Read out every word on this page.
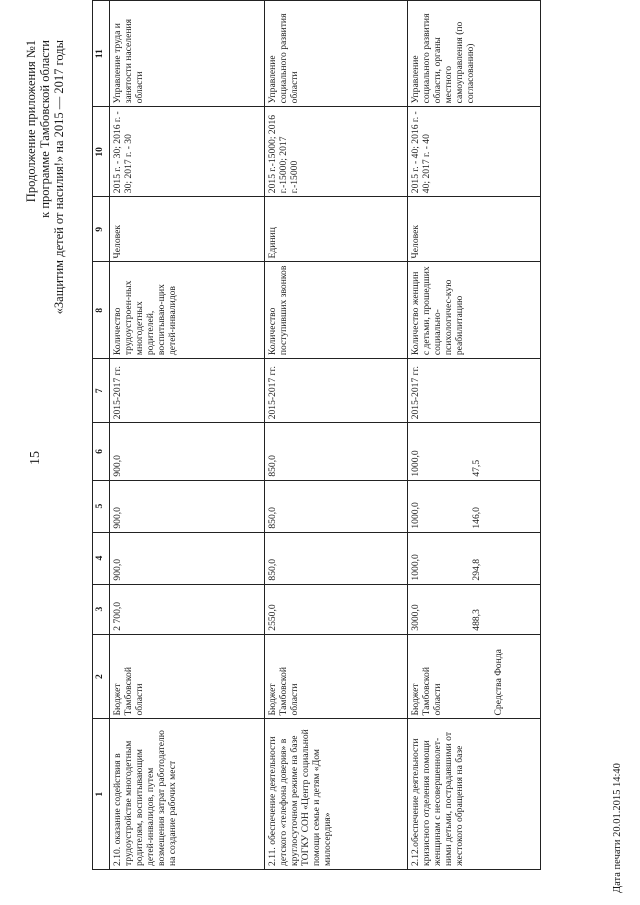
15
Продолжение приложения №1 к программе Тамбовской области «Защитим детей от насилия!» на 2015 — 2017 годы
1	2	3	4	5	6	7	8	9	10	11
2.10. оказание содействия в трудоустройстве многодетным родителям, воспитывающим детей-инвалидов, путем возмещения затрат работодателю на создание рабочих мест	Бюджет Тамбовской области	2 700,0	900,0	900,0	900,0	2015-2017 гг.	Количество трудоустроен-ных многодетных родителей, воспитываю-щих детей-инвалидов	Человек	2015 г. - 30; 2016 г. - 30; 2017 г. - 30	Управление труда и занятости населения области
2.11. обеспечение деятельности детского «телефона доверия» в круглосуточном режиме на базе ТОГКУ СОН «Центр социальной помощи семье и детям «Дом милосердия»	Бюджет Тамбовской области	2550,0	850,0	850,0	850,0	2015-2017 гг.	Количество поступивших звонков	Единиц	2015 г.-15000; 2016 г.-15000; 2017 г.-15000	Управление социального развития области
2.12.обеспечение деятельности кризисного отделения помощи женщинам с несовершеннолет-ними детьми, пострадавшими от жестокого обращения на базе	Бюджет Тамбовской области Средства Фонда	3000,0 488,3	1000,0 294,8	1000,0 146,0	1000,0 47,5	2015-2017 гг.	Количество женщин с детьми, прошедших социально-психологичес-кую реабилитацию	Человек	2015 г. - 40; 2016 г. - 40; 2017 г. - 40	Управление социального развития области, органы местного самоуправления (по согласованию)
Дата печати 20.01.2015 14:40
